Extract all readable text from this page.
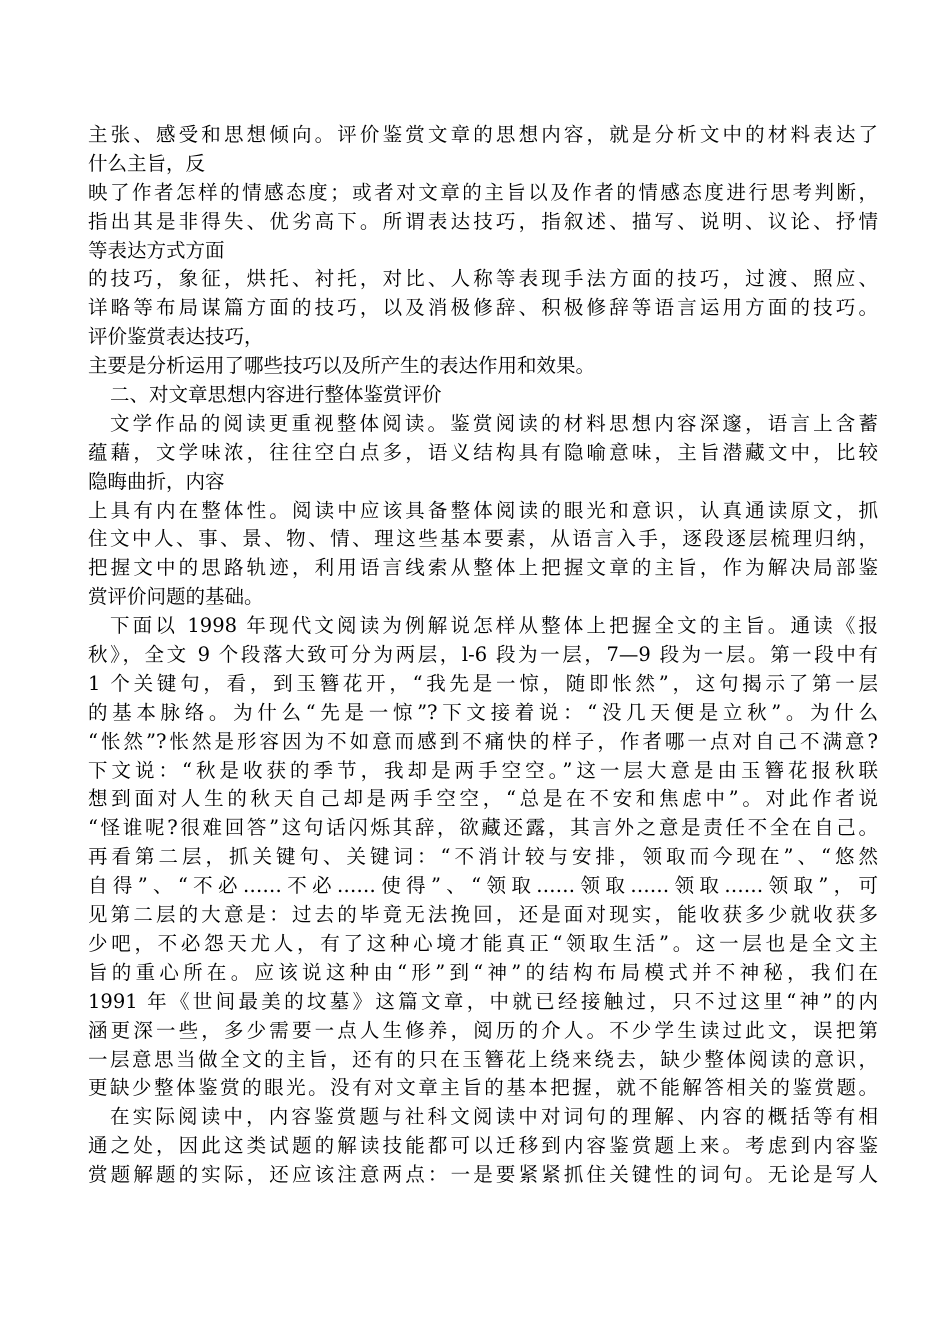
主张、感受和思想倾向。评价鉴赏文章的思想内容，就是分析文中的材料表达了
什么主旨，反
映了作者怎样的情感态度；或者对文章的主旨以及作者的情感态度进行思考判断，
指出其是非得失、优劣高下。所谓表达技巧，指叙述、描写、说明、议论、抒情
等表达方式方面
的技巧，象征，烘托、衬托，对比、人称等表现手法方面的技巧，过渡、照应、
详略等布局谋篇方面的技巧，以及消极修辞、积极修辞等语言运用方面的技巧。
评价鉴赏表达技巧，
主要是分析运用了哪些技巧以及所产生的表达作用和效果。
二、对文章思想内容进行整体鉴赏评价
文学作品的阅读更重视整体阅读。鉴赏阅读的材料思想内容深邃，语言上含蓄
蕴藉，文学味浓，往往空白点多，语义结构具有隐喻意味，主旨潜藏文中，比较
隐晦曲折，内容
上具有内在整体性。阅读中应该具备整体阅读的眼光和意识，认真通读原文，抓
住文中人、事、景、物、情、理这些基本要素，从语言入手，逐段逐层梳理归纳，
把握文中的思路轨迹，利用语言线索从整体上把握文章的主旨，作为解决局部鉴
赏评价问题的基础。
下面以 1998 年现代文阅读为例解说怎样从整体上把握全文的主旨。通读《报
秋》，全文 9 个段落大致可分为两层，l-6 段为一层，7—9 段为一层。第一段中有
1 个关键句，看，到玉簪花开，“我先是一惊，随即怅然”，这句揭示了第一层
的基本脉络。为什么“先是一惊”?下文接着说：“没几天便是立秋”。为什么
“怅然”?怅然是形容因为不如意而感到不痛快的样子，作者哪一点对自己不满意?
下文说：“秋是收获的季节，我却是两手空空。”这一层大意是由玉簪花报秋联
想到面对人生的秋天自己却是两手空空，“总是在不安和焦虑中”。对此作者说
“怪谁呢?很难回答”这句话闪烁其辞，欲藏还露，其言外之意是责任不全在自己。
再看第二层，抓关键句、关键词：“不消计较与安排，领取而今现在”、“悠然
自得”、“不必……不必……使得”、“领取……领取……领取……领取”，可
见第二层的大意是：过去的毕竟无法挽回，还是面对现实，能收获多少就收获多
少吧，不必怨天尤人，有了这种心境才能真正“领取生活”。这一层也是全文主
旨的重心所在。应该说这种由“形”到“神”的结构布局模式并不神秘，我们在
1991 年《世间最美的坟墓》这篇文章，中就已经接触过，只不过这里“神”的内
涵更深一些，多少需要一点人生修养，阅历的介人。不少学生读过此文，误把第
一层意思当做全文的主旨，还有的只在玉簪花上绕来绕去，缺少整体阅读的意识，
更缺少整体鉴赏的眼光。没有对文章主旨的基本把握，就不能解答相关的鉴赏题。
在实际阅读中，内容鉴赏题与社科文阅读中对词句的理解、内容的概括等有相
通之处，因此这类试题的解读技能都可以迁移到内容鉴赏题上来。考虑到内容鉴
赏题解题的实际，还应该注意两点：一是要紧紧抓住关键性的词句。无论是写人
